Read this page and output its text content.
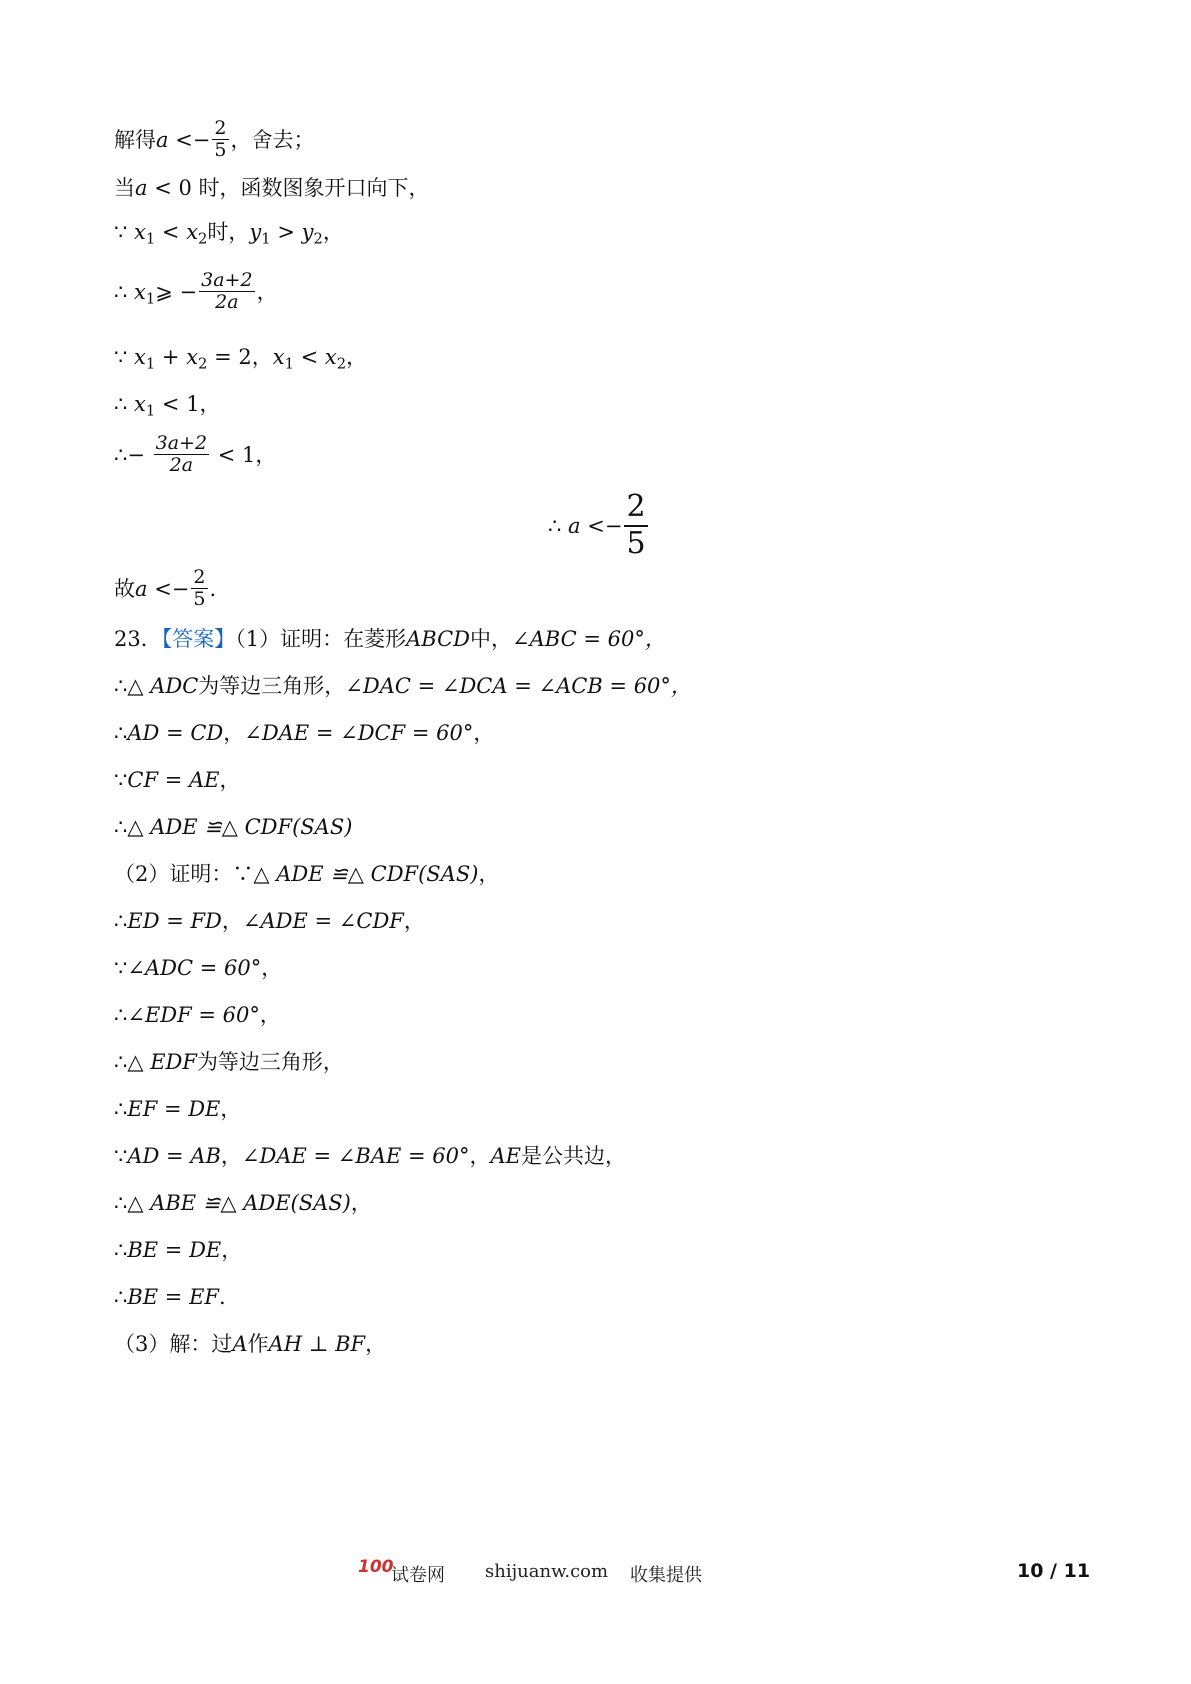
解得$a <- \frac{2}{5}$ ，舍去；
当a < 0 时，函数图象开口向下，
∵ $x_1 < x_2$时，$y_1 > y_2$，
∴ $x_1⩾ - \frac{3a+2}{2a}$ ，
∵ $x_1 + x_2 = 2$，$x_1 < x_2$，
∴ $x_1 < 1$，
∴− $\frac{3a+2}{2a} < 1$，
∴ $a <- \frac{2}{5}$
故$a <- \frac{2}{5}$ .
23．【答案】（1）证明：在菱形ABCD中，∠ABC = 60°，
∴△ ADC为等边三角形，∠DAC = ∠DCA = ∠ACB = 60°，
∴AD = CD，∠DAE = ∠DCF = 60°，
∵CF = AE，
∴△ ADE ≌△ CDF(SAS)
（2）证明：∵△ ADE ≌△ CDF(SAS)，
∴ED = FD，∠ADE = ∠CDF，
∵∠ADC = 60°，
∴∠EDF = 60°，
∴△ EDF为等边三角形，
∴EF = DE，
∵AD = AB，∠DAE = ∠BAE = 60°，AE是公共边，
∴△ ABE ≌△ ADE(SAS)，
∴BE = DE，
∴BE = EF.
（3）解：过A作AH ⊥ BF，
100
试卷网 shijuanw.com 收集提供	10 / 11
